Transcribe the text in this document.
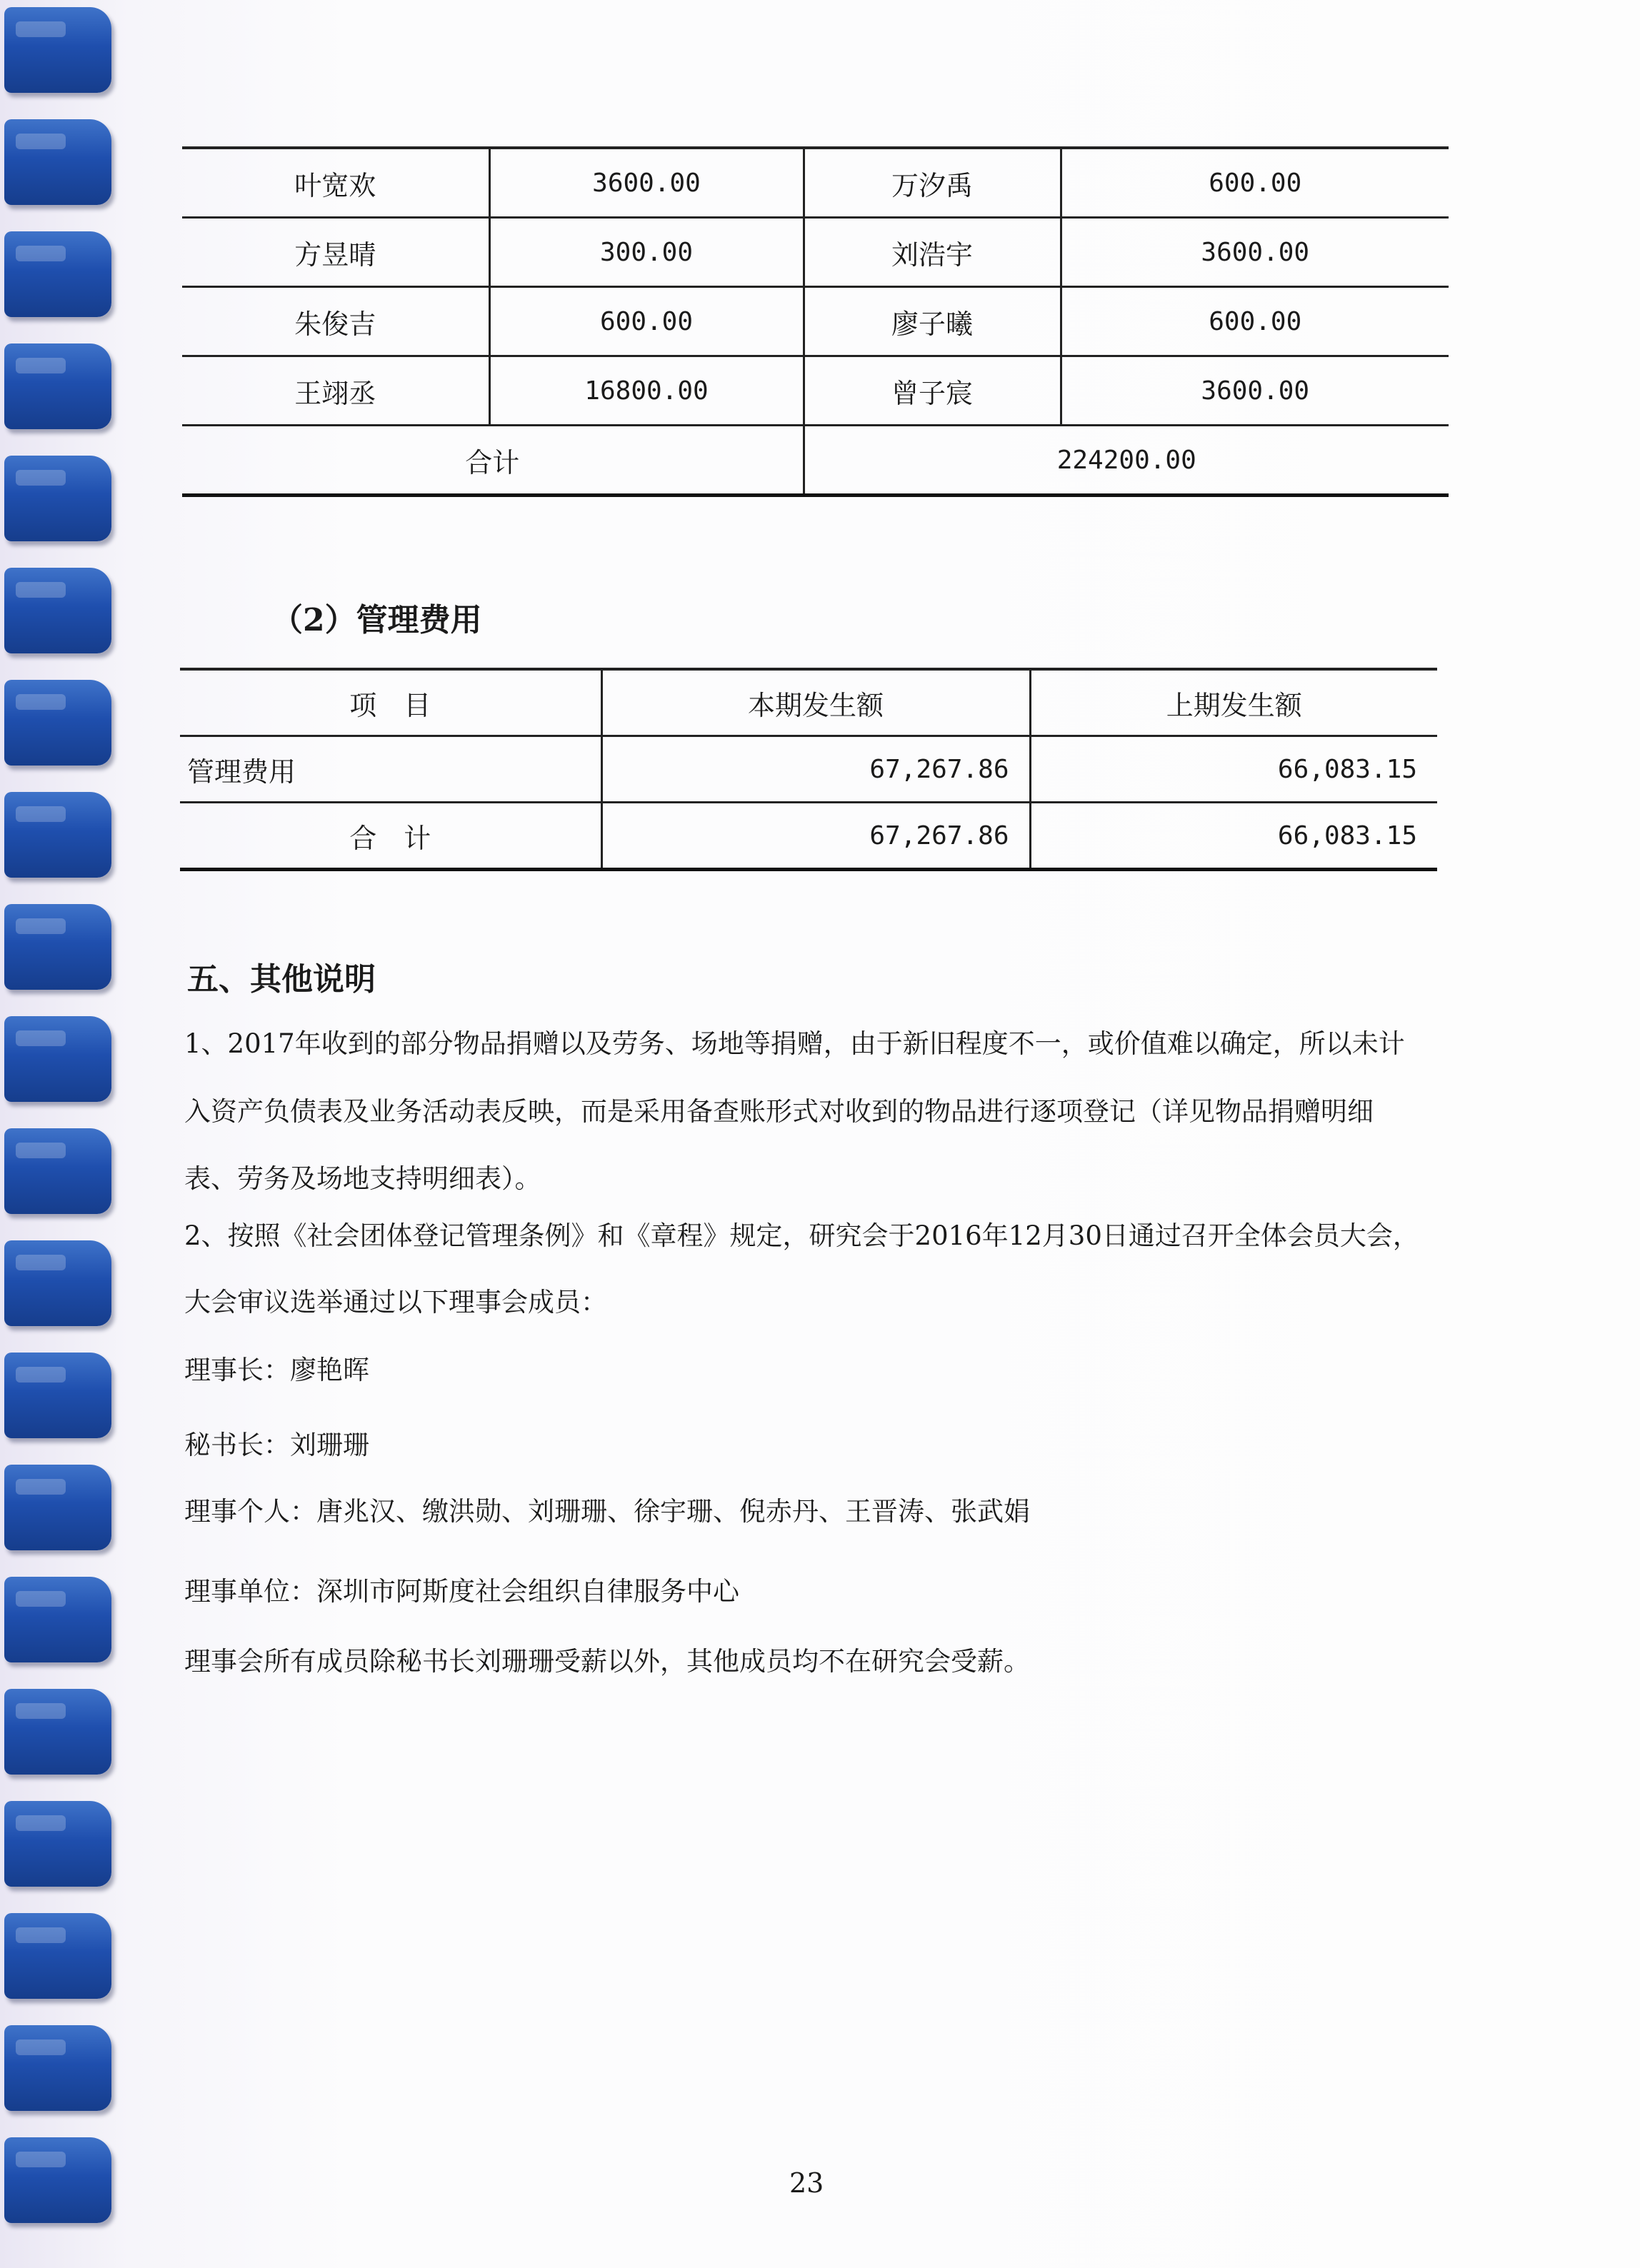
叶宽欢	3600.00	万汐禹	600.00
方昱晴	300.00	刘浩宇	3600.00
朱俊吉	600.00	廖子曦	600.00
王翊丞	16800.00	曾子宸	3600.00
合计		224200.00	
（2）管理费用
项　目	本期发生额	上期发生额
管理费用	67,267.86	66,083.15
合　计	67,267.86	66,083.15
五、其他说明
1、2017年收到的部分物品捐赠以及劳务、场地等捐赠，由于新旧程度不一，或价值难以确定，所以未计
入资产负债表及业务活动表反映，而是采用备查账形式对收到的物品进行逐项登记（详见物品捐赠明细
表、劳务及场地支持明细表）。
2、按照《社会团体登记管理条例》和《章程》规定，研究会于2016年12月30日通过召开全体会员大会，
大会审议选举通过以下理事会成员：
理事长：廖艳晖
秘书长：刘珊珊
理事个人：唐兆汉、缴洪勋、刘珊珊、徐宇珊、倪赤丹、王晋涛、张武娟
理事单位：深圳市阿斯度社会组织自律服务中心
理事会所有成员除秘书长刘珊珊受薪以外，其他成员均不在研究会受薪。
23
